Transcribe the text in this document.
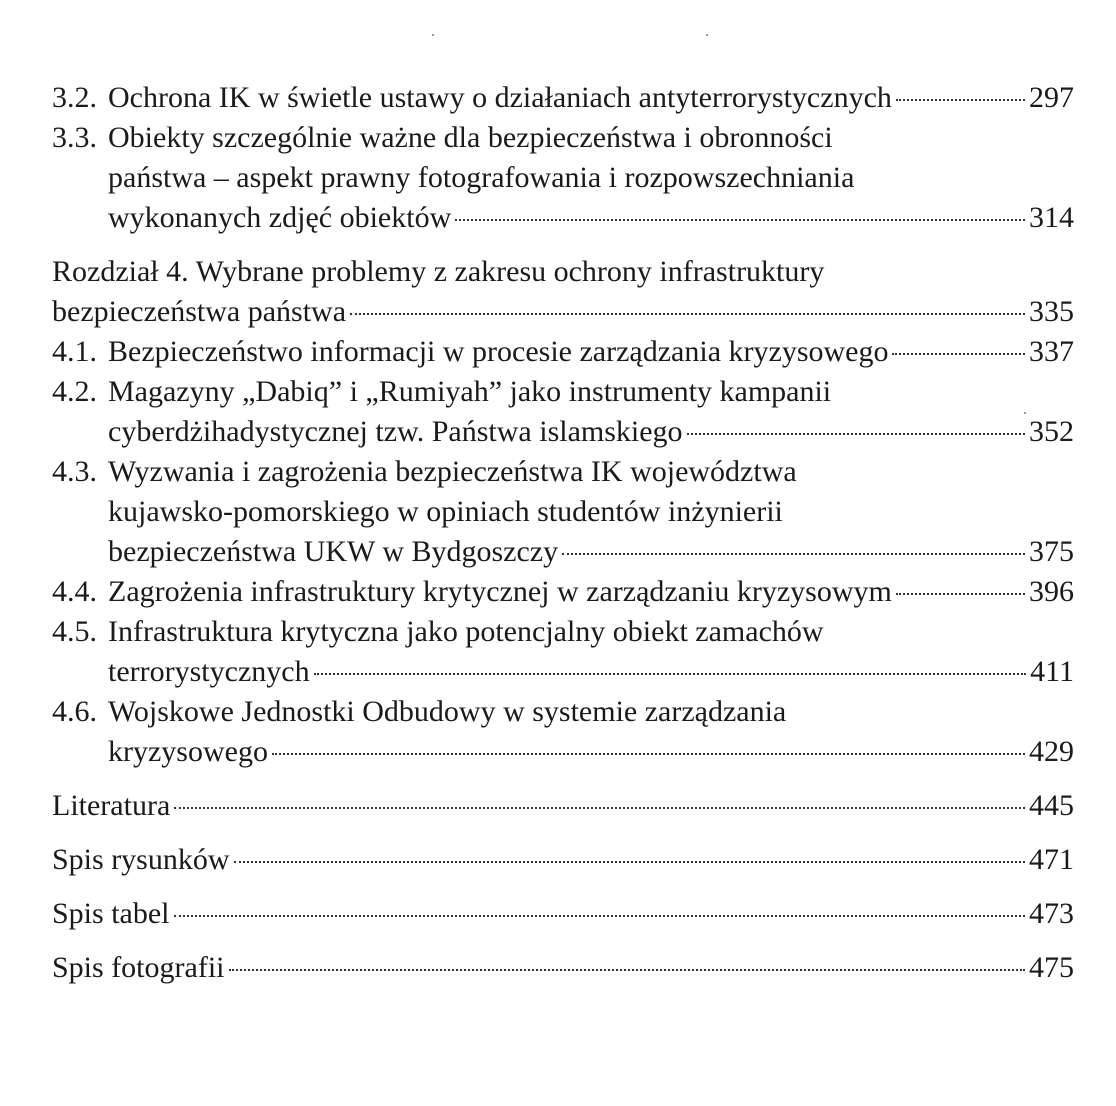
3.2. Ochrona IK w świetle ustawy o działaniach antyterrorystycznych	297
3.3. Obiekty szczególnie ważne dla bezpieczeństwa i obronności
państwa – aspekt prawny fotografowania i rozpowszechniania
wykonanych zdjęć obiektów	314
Rozdział 4. Wybrane problemy z zakresu ochrony infrastruktury
bezpieczeństwa państwa	335
4.1. Bezpieczeństwo informacji w procesie zarządzania kryzysowego	337
4.2. Magazyny „Dabiq” i „Rumiyah” jako instrumenty kampanii
cyberdżihadystycznej tzw. Państwa islamskiego	352
4.3. Wyzwania i zagrożenia bezpieczeństwa IK województwa
kujawsko-pomorskiego w opiniach studentów inżynierii
bezpieczeństwa UKW w Bydgoszczy	375
4.4. Zagrożenia infrastruktury krytycznej w zarządzaniu kryzysowym	396
4.5. Infrastruktura krytyczna jako potencjalny obiekt zamachów
terrorystycznych	411
4.6. Wojskowe Jednostki Odbudowy w systemie zarządzania
kryzysowego	429
Literatura	445
Spis rysunków	471
Spis tabel	473
Spis fotografii	475
